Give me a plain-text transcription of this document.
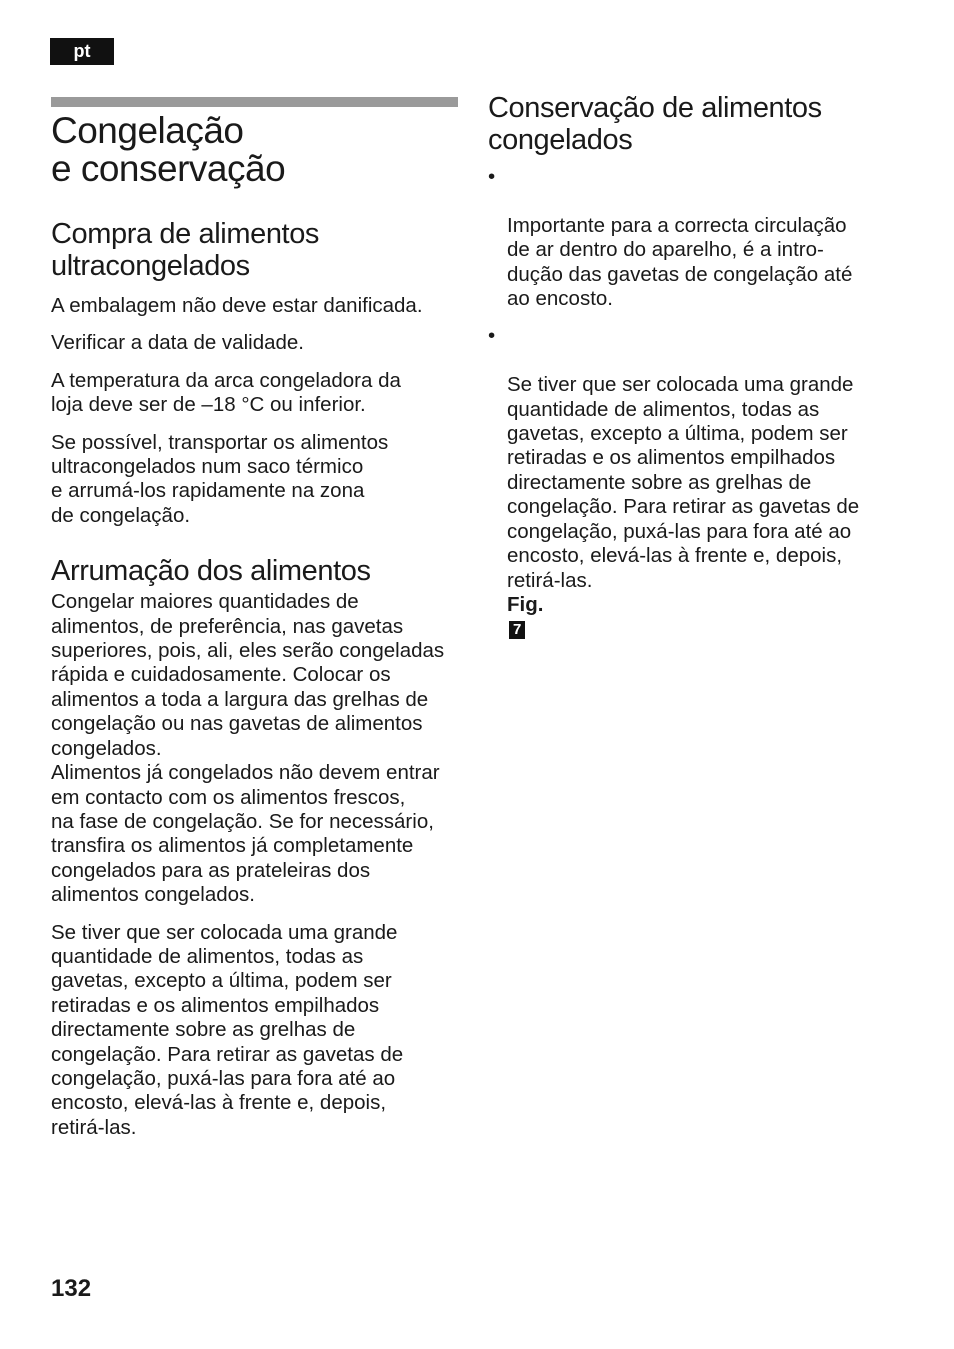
pt
Congelação
e conservação
Compra de alimentos
ultracongelados

A embalagem não deve estar danificada.

Verificar a data de validade.

A temperatura da arca congeladora da
loja deve ser de –18 °C ou inferior.

Se possível, transportar os alimentos
ultracongelados num saco térmico
e arrumá-los rapidamente na zona
de congelação.

Arrumação dos alimentos

Congelar maiores quantidades de
alimentos, de preferência, nas gavetas
superiores, pois, ali, eles serão congeladas
rápida e cuidadosamente. Colocar os
alimentos a toda a largura das grelhas de
congelação ou nas gavetas de alimentos
congelados.

Alimentos já congelados não devem entrar
em contacto com os alimentos frescos,
na fase de congelação. Se for necessário,
transfira os alimentos já completamente
congelados para as prateleiras dos
alimentos congelados.

Se tiver que ser colocada uma grande
quantidade de alimentos, todas as
gavetas, excepto a última, podem ser
retiradas e os alimentos empilhados
directamente sobre as grelhas de
congelação. Para retirar as gavetas de
congelação, puxá-las para fora até ao
encosto, elevá-las à frente e, depois,
retirá-las.

Conservação de alimentos
congelados

•

Importante para a correcta circulação
de ar dentro do aparelho, é a intro-
dução das gavetas de congelação até
ao encosto.

•

Se tiver que ser colocada uma grande
quantidade de alimentos, todas as
gavetas, excepto a última, podem ser
retiradas e os alimentos empilhados
directamente sobre as grelhas de
congelação. Para retirar as gavetas de
congelação, puxá-las para fora até ao
encosto, elevá-las à frente e, depois,
retirá-las.
Fig.
7

132
